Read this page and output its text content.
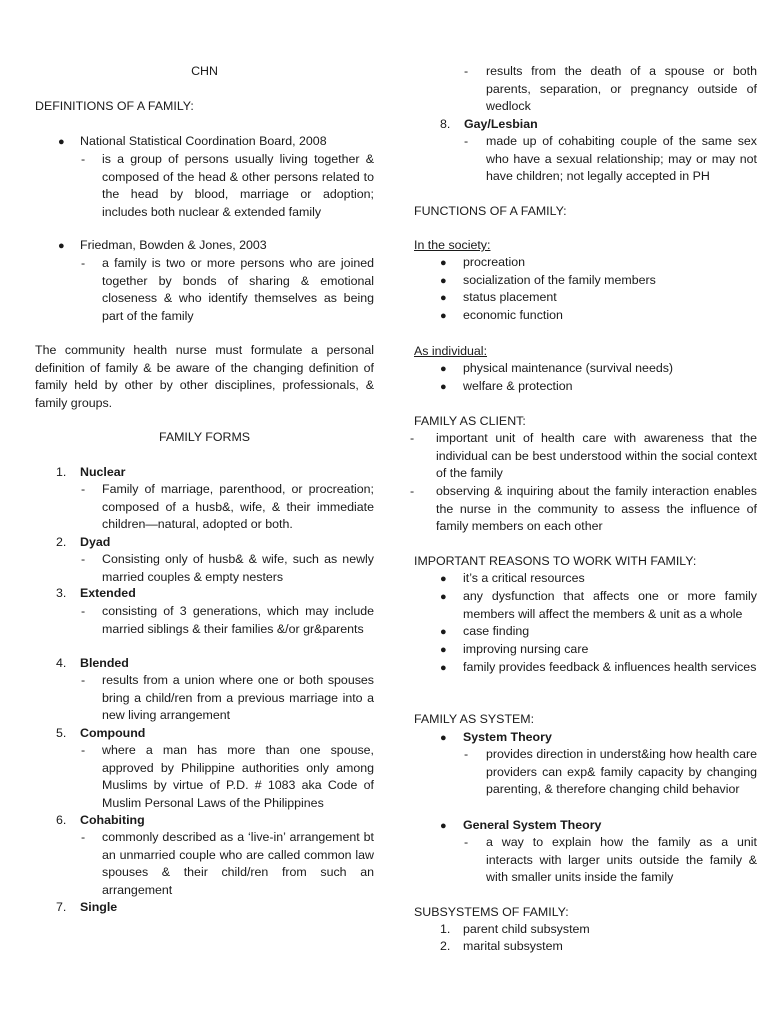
CHN
DEFINITIONS OF A FAMILY:
● National Statistical Coordination Board, 2008
- is a group of persons usually living together & composed of the head & other persons related to the head by blood, marriage or adoption; includes both nuclear & extended family
● Friedman, Bowden & Jones, 2003
- a family is two or more persons who are joined together by bonds of sharing & emotional closeness & who identify themselves as being part of the family
The community health nurse must formulate a personal definition of family & be aware of the changing definition of family held by other by other disciplines, professionals, & family groups.
FAMILY FORMS
1. Nuclear
- Family of marriage, parenthood, or procreation; composed of a husb&, wife, & their immediate children—natural, adopted or both.
2. Dyad
- Consisting only of husb& & wife, such as newly married couples & empty nesters
3. Extended
- consisting of 3 generations, which may include married siblings & their families &/or gr&parents
4. Blended
- results from a union where one or both spouses bring a child/ren from a previous marriage into a new living arrangement
5. Compound
- where a man has more than one spouse, approved by Philippine authorities only among Muslims by virtue of P.D. # 1083 aka Code of Muslim Personal Laws of the Philippines
6. Cohabiting
- commonly described as a ‘live-in’ arrangement bt an unmarried couple who are called common law spouses & their child/ren from such an arrangement
7. Single
- results from the death of a spouse or both parents, separation, or pregnancy outside of wedlock
8. Gay/Lesbian
- made up of cohabiting couple of the same sex who have a sexual relationship; may or may not have children; not legally accepted in PH
FUNCTIONS OF A FAMILY:
In the society:
● procreation
● socialization of the family members
● status placement
● economic function
As individual:
● physical maintenance (survival needs)
● welfare & protection
FAMILY AS CLIENT:
-	important unit of health care with awareness that the individual can be best understood within the social context of the family
-	observing & inquiring about the family interaction enables the nurse in the community to assess the influence of family members on each other
IMPORTANT REASONS TO WORK WITH FAMILY:
● it’s a critical resources
● any dysfunction that affects one or more family members will affect the members & unit as a whole
● case finding
● improving nursing care
● family provides feedback & influences health services
FAMILY AS SYSTEM:
● System Theory
- provides direction in underst&ing how health care providers can exp& family capacity by changing parenting, & therefore changing child behavior
● General System Theory
- a way to explain how the family as a unit interacts with larger units outside the family & with smaller units inside the family
SUBSYSTEMS OF FAMILY:
1. parent child subsystem
2. marital subsystem
